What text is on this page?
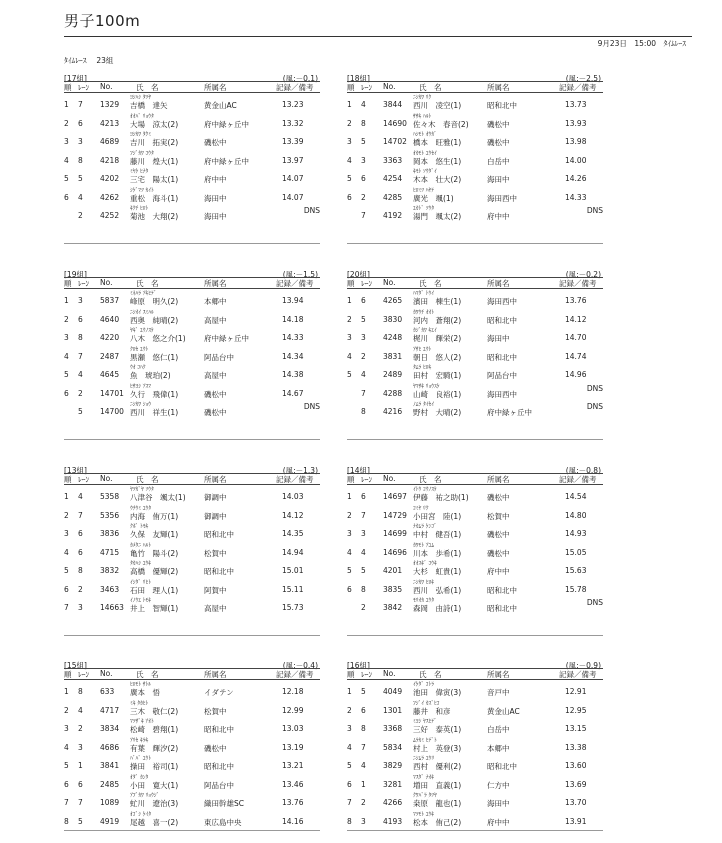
男子100m
9月23日　15:00　ﾀｲﾑﾚｰｽ
ﾀｲﾑﾚｰｽ　 23組
[17組]	(風:－0.1)
順 ﾚｰﾝ No.	氏　名	所属名	記録／備考
ﾖｼﾊｼ ﾀﾂﾔ
1 7 1329 吉橋　達矢	黄金山AC	13.23
ｵｵﾊﾞ ﾘｮｳﾀ
2 6 4213 大場　涼太(2)	府中緑ヶ丘中	13.32
ﾖｼｶﾜ ﾀｸﾐ
3 3 4689 吉川　拓実(2)	磯松中	13.39
ﾌｼﾞｶﾜ ｺｳﾀ
4 8 4218 藤川　煌大(1)	府中緑ヶ丘中	13.97
ﾐﾔｹ ﾋﾅﾀ
5 5 4202 三宅　陽太(1)	府中中	14.07
ｼｹﾞﾏﾂ ｶｲﾄ
6 4 4262 重松　海斗(1)	海田中	14.07
ｷｸﾁ ﾋﾛﾄ
2 4252 菊池　大翔(2)	海田中
DNS
[18組]	(風:－2.5)
順 ﾚｰﾝ No.	氏　名	所属名	記録／備考
ﾆｼｶﾜ ﾘｸ
1 4 3844 西川　凌空(1)	昭和北中	13.73
ｻｻｷ ﾊﾙﾄ
2 8 14690 佐々木　春音(2) 磯松中	13.93
ﾊｼﾓﾄ ｵｳｶﾞ
3 5 14702 橋本　旺雅(1)	磯松中	13.98
ｵｶﾓﾄ ﾕｳｾｲ
4 3 3363 岡本　悠生(1)	白岳中	14.00
ｷﾓﾄ ｿｳﾀﾞｲ
5 6 4254 木本　壮大(2)	海田中	14.26
ﾋﾛﾐﾂ ﾊﾔﾃ
6 2 4285 廣光　颯(1)	海田西中	14.33
ﾕｶﾄﾞ ｿｳﾀ
7 4192 湯門　颯太(2)	府中中
DNS
[19組]	(風:－1.5)
順 ﾚｰﾝ No.	氏　名	所属名	記録／備考
ﾐﾈﾊﾗ ｱｷﾋﾃﾞ
1 3 5837 峰原　明久(2)	本郷中	13.94
ﾆｼｵｲ ｽﾐﾊﾙ
2 6 4640 西奥　純晴(2)	高屋中	14.18
ﾔｷﾞ ﾕｳﾉｽｹ
3 8 4220 八木　悠之介(1) 府中緑ヶ丘中	14.33
ｸﾛｾ ﾕｳﾄ
4 7 2487 黒瀬　悠仁(1)	阿品台中	14.34
ｳｵ ｺﾊｸ
5 4 4645 魚　琥珀(2)	高屋中	14.38
ﾋｻﾖｼ ｱｽﾏ
6 2 14701 久行　飛偉(1)	磯松中	14.67
ﾆｼｶﾜ ｼｮｳ
5 14700 西川　祥生(1)	磯松中
DNS
[20組]	(風:－0.2)
順 ﾚｰﾝ No.	氏　名	所属名	記録／備考
ﾊﾏﾀﾞ ﾄｳｲ
1 6 4265 濱田　棟生(1)	海田西中	13.76
ｶﾜｳﾁ ｵｵﾄ
2 5 3830 河内　蒼翔(2)	昭和北中	14.12
ｶｼﾞｶﾜ ｷｴｲ
3 3 4248 梶川　輝栄(2)	海田中	14.70
ｱｻﾋ ﾕｳﾄ
4 2 3831 朝日　悠人(2)	昭和北中	14.74
ﾀﾑﾗ ﾋﾛｷ
5 4 2489 田村　宏騎(1)	阿品台中	14.96
ﾔﾏｻｷ ﾘｮｳｽｹ
7 4288 山崎　良裕(1)	海田西中
DNS
ﾉﾑﾗ ﾀｲｾｲ
8 4216 野村　大晴(2)	府中緑ヶ丘中
DNS
[13組]	(風:－1.3)
順 ﾚｰﾝ No.	氏　名	所属名	記録／備考
ﾔﾂｶﾞﾔ ｿｳﾀ
1 4 5358 八津谷　颯太(1) 御調中	14.03
ｳﾁｳﾐ ﾕｳﾀ
2 7 5356 内海　侑万(1)	御調中	14.12
ｸﾎﾞ ﾄﾓｷ
3 6 3836 久保　友輝(1)	昭和北中	14.35
ｶﾒﾀﾆ ﾊﾙﾄ
4 6 4715 亀竹　陽斗(2)	松賀中	14.94
ﾀｶﾊｼ ﾕｳｷ
5 8 3832 高橋　優輝(2)	昭和北中	15.01
ｲｼﾀﾞ ﾘﾋﾄ
6 2 3463 石田　理人(1)	阿賀中	15.11
ｲﾉｳｴ ﾄﾓｷ
7 3 14663 井上　智輝(1)	高屋中	15.73
[14組]	(風:－0.8)
順 ﾚｰﾝ No.	氏　名	所属名	記録／備考
ｲﾄｳ ｺｳﾉｽｹ
1 6 14697 伊藤　祐之助(1) 磯松中	14.54
ｺﾐﾔ ﾘｸ
2 7 14729 小田宮　陸(1)	松賀中	14.80
ﾅｶﾑﾗ ｹﾝｺﾞ
3 3 14699 中村　健吾(1)	磯松中	14.93
ｶﾜﾓﾄ ｱﾕﾑ
4 4 14696 川本　歩希(1)	磯松中	15.05
ｵｵｽｷﾞ ｺｳｷ
5 5 4201 大杉　虹貴(1)	府中中	15.63
ﾆｼｶﾜ ﾋﾛｷ
6 8 3835 西川　弘希(1)	昭和北中	15.78
ﾓﾘｵｶ ﾕｳﾀ
2 3842 森岡　由詩(1)	昭和北中
DNS
[15組]	(風:－0.4)
順 ﾚｰﾝ No.	氏　名	所属名	記録／備考
ﾋﾛﾓﾄ ｻﾄﾙ
1 8 633 廣本　悟	イダテン	12.18
ﾐｷ ﾀｶﾋﾄ
2 4 4717 三木　敬仁(2)	松賀中	12.99
ﾏﾂｻﾞｷ ｱｵﾄ
3 2 3834 松崎　碧翔(1)	昭和北中	13.03
ｱﾘｾ ｷﾗｷ
4 3 4686 有葉　輝汐(2)	磯松中	13.19
ﾊﾞﾊﾞ ﾕｳﾄ
5 1 3841 操田　裕司(1)	昭和北中	13.21
ｵﾀﾞ ｶﾝﾀ
6 6 2485 小田　寛大(1)	阿品台中	13.46
ｱﾌﾞｶﾜ ﾘｮｳｼﾞ
7 7 1089 虻川　遼治(3)	織田幹雄SC	13.76
ｵｺﾞｼ ｹｲﾀ
8 5 4919 尾越　喜一(2)	東広島中央	14.16
[16組]	(風:－0.9)
順 ﾚｰﾝ No.	氏　名	所属名	記録／備考
ｲｹﾀﾞ ｺﾄﾗ
1 5 4049 池田　偉寅(3)	音戸中	12.91
ﾌｼﾞｲ ｶｽﾞﾋｺ
2 6 1301 藤井　和彦	黄金山AC	12.95
ﾐﾖｼ ﾔｽﾋﾃﾞ
3 8 3368 三好　泰英(1)	白岳中	13.15
ﾑﾗｶﾐ ﾋﾃﾞﾄ
4 7 5834 村上　英登(3)	本郷中	13.38
ﾆｼﾑﾗ ﾕｳﾘ
5 4 3829 西村　優利(2)	昭和北中	13.60
ﾏｽﾀﾞ ﾅｵｷ
6 1 3281 増田　直義(1)	仁方中	13.69
ｸﾜﾊﾞﾗ ﾀﾂﾔ
7 2 4266 桒原　龍也(1)	海田中	13.70
ﾏﾂﾓﾄ ﾕｳｷ
8 3 4193 松本　侑己(2)	府中中	13.91
